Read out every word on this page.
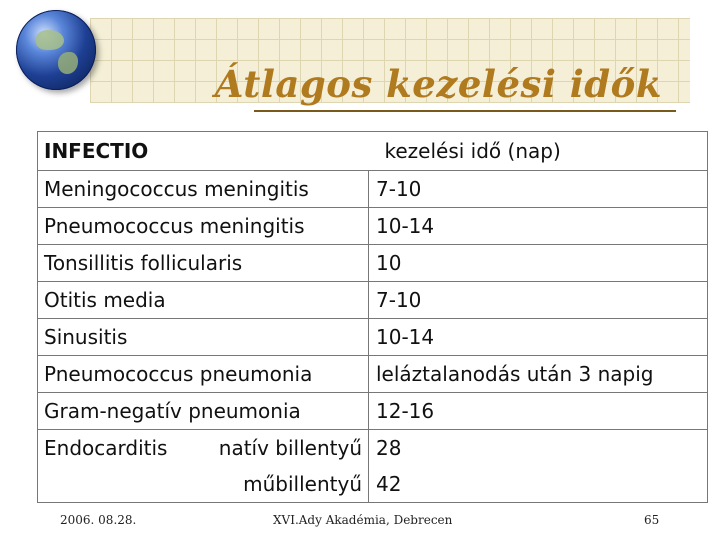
Átlagos kezelési idők
INFECTIO	kezelési idő (nap)
Meningococcus meningitis	7-10
Pneumococcus meningitis	10-14
Tonsillitis follicularis	10
Otitis media	7-10
Sinusitis	10-14
Pneumococcus pneumonia	leláztalanodás után 3 napig
Gram-negatív pneumonia	12-16

Endocarditis natív billentyű	28
műbillentyű	42

2006. 08.28.	XVI.Ady Akadémia, Debrecen	65
